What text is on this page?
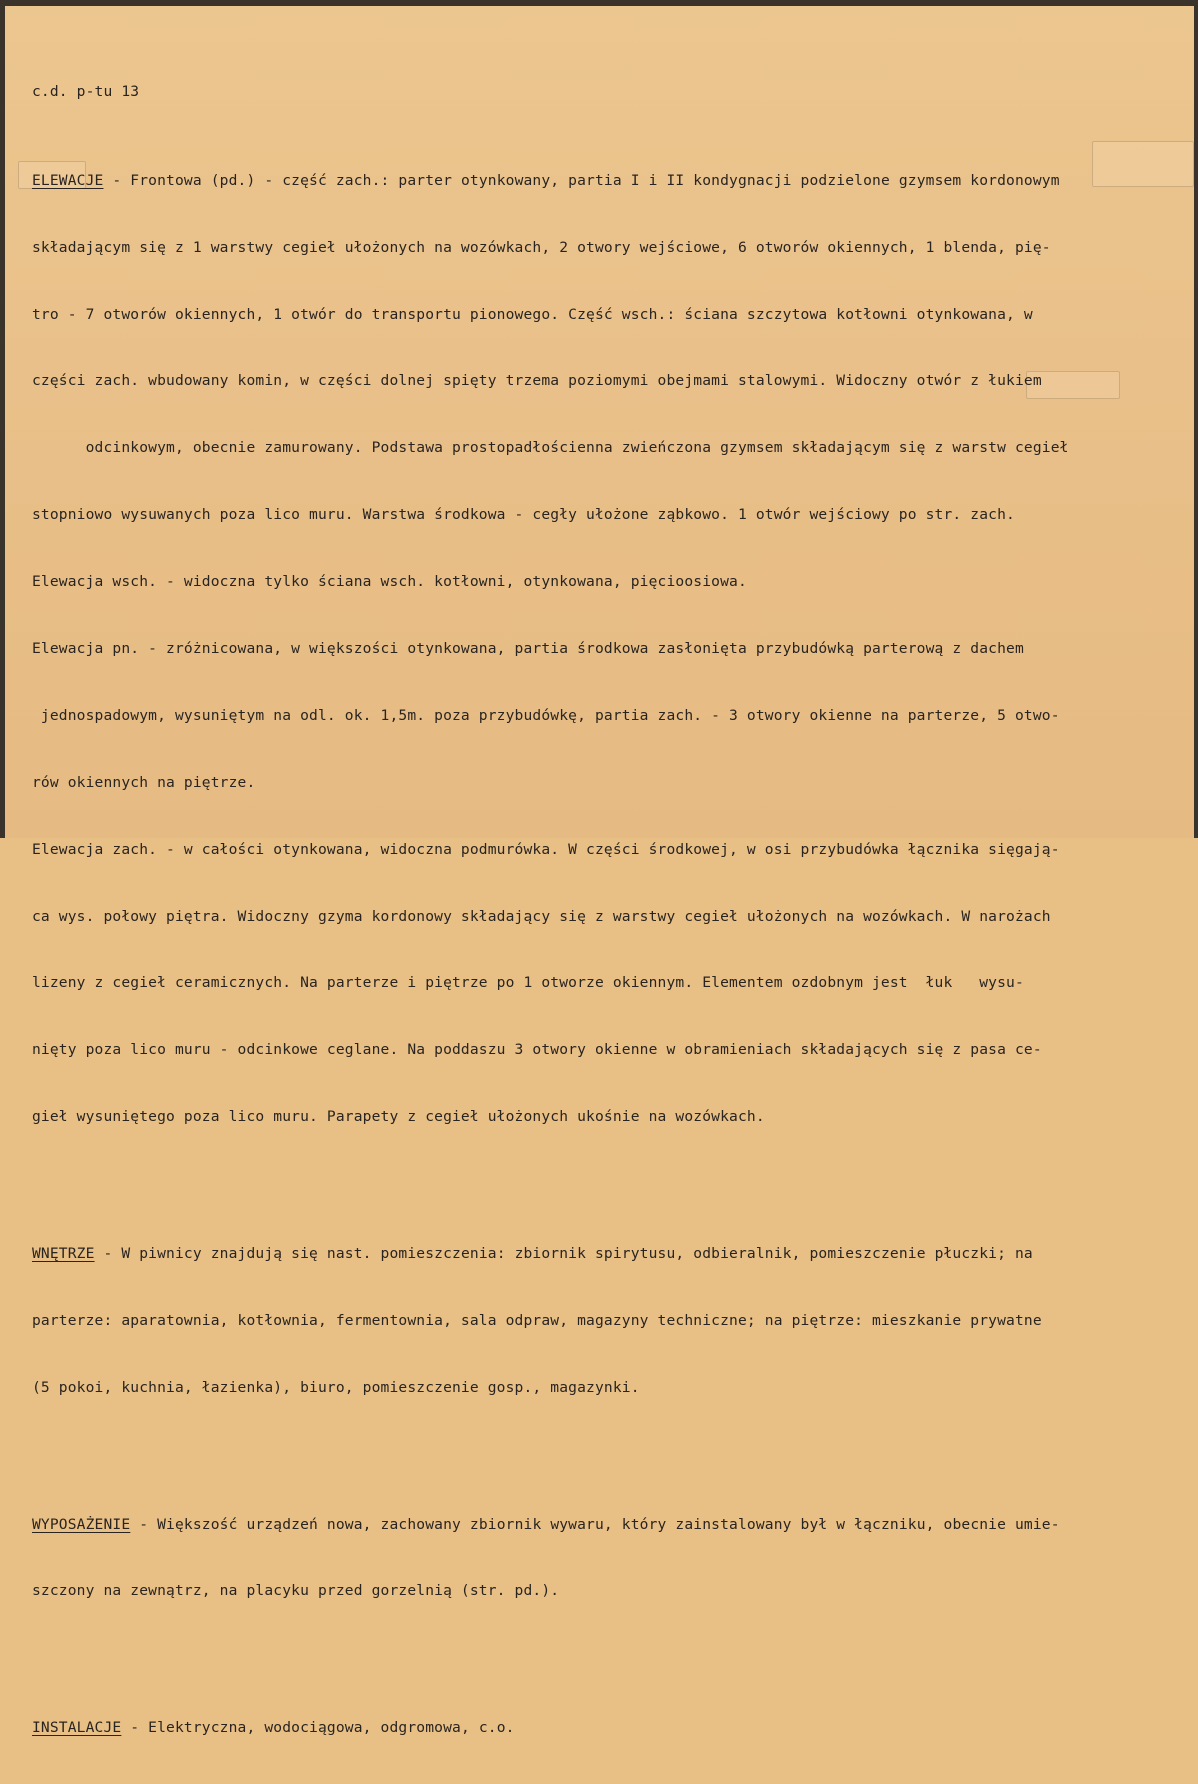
c.d. p-tu 13

ELEWACJE - Frontowa (pd.) - część zach.: parter otynkowany, partia I i II kondygnacji podzielone gzymsem kordonowym

składającym się z 1 warstwy cegieł ułożonych na wozówkach, 2 otwory wejściowe, 6 otworów okiennych, 1 blenda, pię-

tro - 7 otworów okiennych, 1 otwór do transportu pionowego. Część wsch.: ściana szczytowa kotłowni otynkowana, w

części zach. wbudowany komin, w części dolnej spięty trzema poziomymi obejmami stalowymi. Widoczny otwór z łukiem

odcinkowym, obecnie zamurowany. Podstawa prostopadłościenna zwieńczona gzymsem składającym się z warstw cegieł

stopniowo wysuwanych poza lico muru. Warstwa środkowa - cegły ułożone ząbkowo. 1 otwór wejściowy po str. zach.

Elewacja wsch. - widoczna tylko ściana wsch. kotłowni, otynkowana, pięcioosiowa.

Elewacja pn. - zróżnicowana, w większości otynkowana, partia środkowa zasłonięta przybudówką parterową z dachem

jednospadowym, wysuniętym na odl. ok. 1,5m. poza przybudówkę, partia zach. - 3 otwory okienne na parterze, 5 otwo-

rów okiennych na piętrze.

Elewacja zach. - w całości otynkowana, widoczna podmurówka. W części środkowej, w osi przybudówka łącznika sięgają-

ca wys. połowy piętra. Widoczny gzyma kordonowy składający się z warstwy cegieł ułożonych na wozówkach. W narożach

lizeny z cegieł ceramicznych. Na parterze i piętrze po 1 otworze okiennym. Elementem ozdobnym jest  łuk   wysu-

nięty poza lico muru - odcinkowe ceglane. Na poddaszu 3 otwory okienne w obramieniach składających się z pasa ce-

gieł wysuniętego poza lico muru. Parapety z cegieł ułożonych ukośnie na wozówkach.

WNĘTRZE - W piwnicy znajdują się nast. pomieszczenia: zbiornik spirytusu, odbieralnik, pomieszczenie płuczki; na

parterze: aparatownia, kotłownia, fermentownia, sala odpraw, magazyny techniczne; na piętrze: mieszkanie prywatne

(5 pokoi, kuchnia, łazienka), biuro, pomieszczenie gosp., magazynki.

WYPOSAŻENIE - Większość urządzeń nowa, zachowany zbiornik wywaru, który zainstalowany był w łączniku, obecnie umie-

szczony na zewnątrz, na placyku przed gorzelnią (str. pd.).

INSTALACJE - Elektryczna, wodociągowa, odgromowa, c.o.
